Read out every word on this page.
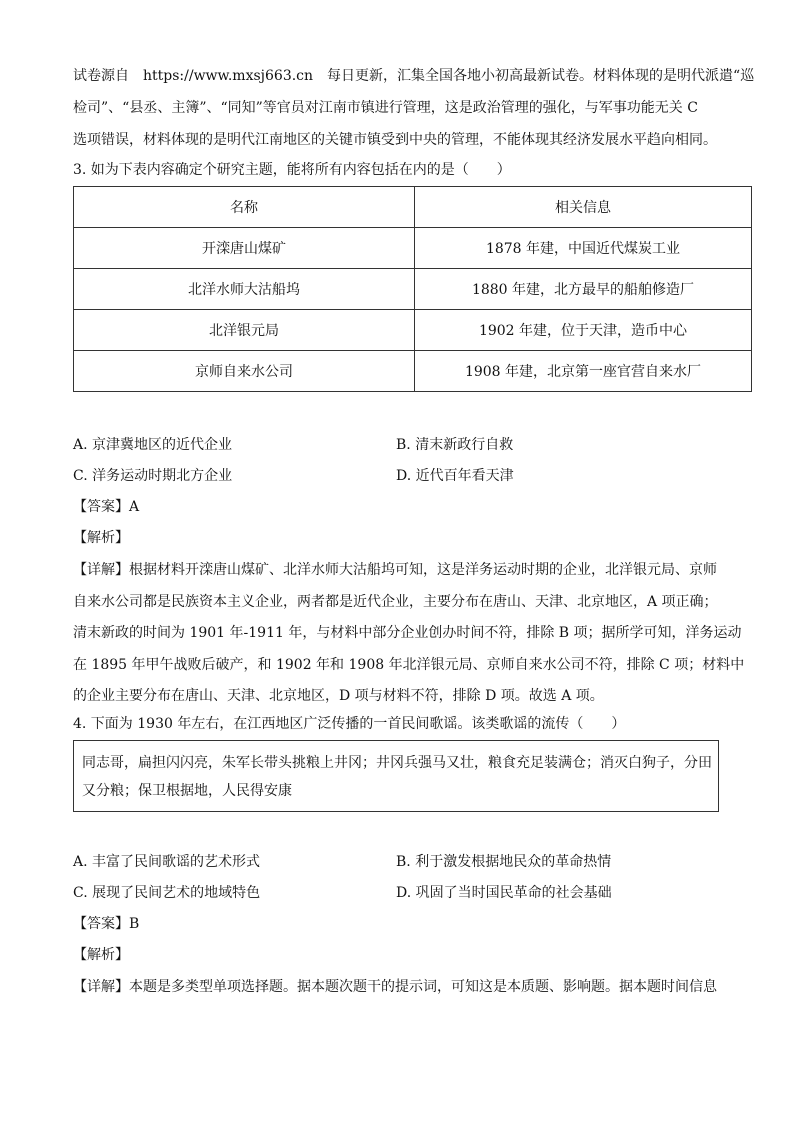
试卷源自 https://www.mxsj663.cn 每日更新，汇集全国各地小初高最新试卷。材料体现的是明代派遣“巡
检司”、“县丞、主簿”、“同知”等官员对江南市镇进行管理，这是政治管理的强化，与军事功能无关 C
选项错误，材料体现的是明代江南地区的关键市镇受到中央的管理，不能体现其经济发展水平趋向相同。
3. 如为下表内容确定个研究主题，能将所有内容包括在内的是（　　）
名称	相关信息
开滦唐山煤矿	1878 年建，中国近代煤炭工业
北洋水师大沽船坞	1880 年建，北方最早的船舶修造厂
北洋银元局	1902 年建，位于天津，造币中心
京师自来水公司	1908 年建，北京第一座官营自来水厂
A. 京津冀地区的近代企业	B. 清末新政行自救
C. 洋务运动时期北方企业	D. 近代百年看天津
【答案】A
【解析】
【详解】根据材料开滦唐山煤矿、北洋水师大沽船坞可知，这是洋务运动时期的企业，北洋银元局、京师
自来水公司都是民族资本主义企业，两者都是近代企业，主要分布在唐山、天津、北京地区，A 项正确；
清末新政的时间为 1901 年-1911 年，与材料中部分企业创办时间不符，排除 B 项；据所学可知，洋务运动
在 1895 年甲午战败后破产，和 1902 年和 1908 年北洋银元局、京师自来水公司不符，排除 C 项；材料中
的企业主要分布在唐山、天津、北京地区，D 项与材料不符，排除 D 项。故选 A 项。
4. 下面为 1930 年左右，在江西地区广泛传播的一首民间歌谣。该类歌谣的流传（　　）
同志哥，扁担闪闪亮，朱军长带头挑粮上井冈；井冈兵强马又壮，粮食充足装满仓；消灭白狗子，分田
又分粮；保卫根据地，人民得安康
A. 丰富了民间歌谣的艺术形式	B. 利于激发根据地民众的革命热情
C. 展现了民间艺术的地域特色	D. 巩固了当时国民革命的社会基础
【答案】B
【解析】
【详解】本题是多类型单项选择题。据本题次题干的提示词，可知这是本质题、影响题。据本题时间信息
